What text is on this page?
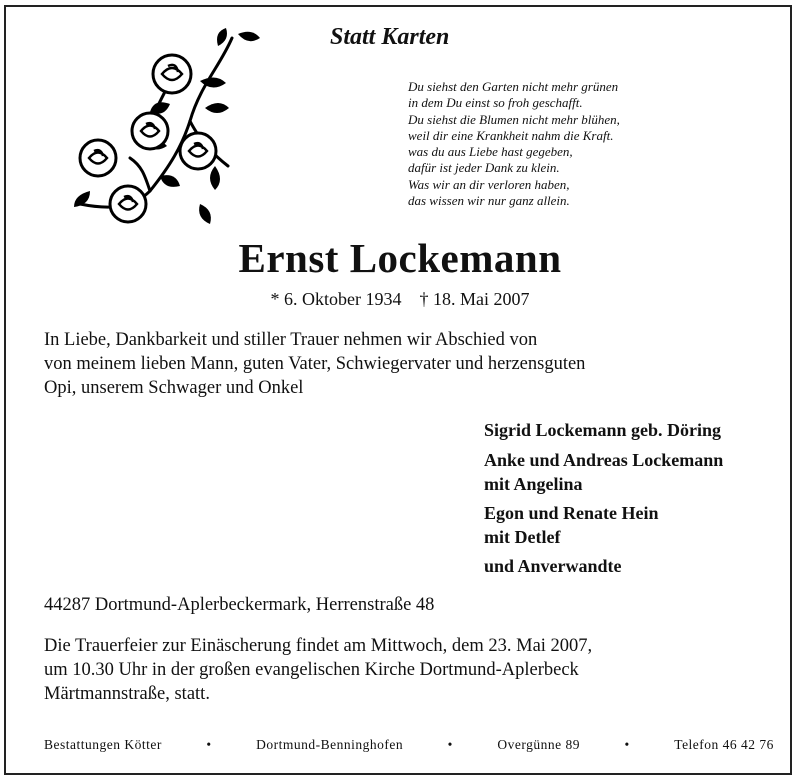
Statt Karten
Du siehst den Garten nicht mehr grünen
in dem Du einst so froh geschafft.
Du siehst die Blumen nicht mehr blühen,
weil dir eine Krankheit nahm die Kraft.
was du aus Liebe hast gegeben,
dafür ist jeder Dank zu klein.
Was wir an dir verloren haben,
das wissen wir nur ganz allein.
Ernst Lockemann
* 6. Oktober 1934 † 18. Mai 2007
In Liebe, Dankbarkeit und stiller Trauer nehmen wir Abschied von
von meinem lieben Mann, guten Vater, Schwiegervater und herzensguten
Opi, unserem Schwager und Onkel
Sigrid Lockemann geb. Döring
Anke und Andreas Lockemann
mit Angelina
Egon und Renate Hein
mit Detlef
und Anverwandte
44287 Dortmund-Aplerbeckermark, Herrenstraße 48
Die Trauerfeier zur Einäscherung findet am Mittwoch, dem 23. Mai 2007,
um 10.30 Uhr in der großen evangelischen Kirche Dortmund-Aplerbeck
Märtmannstraße, statt.
Bestattungen Kötter	•	Dortmund-Benninghofen	•	Overgünne 89	•	Telefon 46 42 76
